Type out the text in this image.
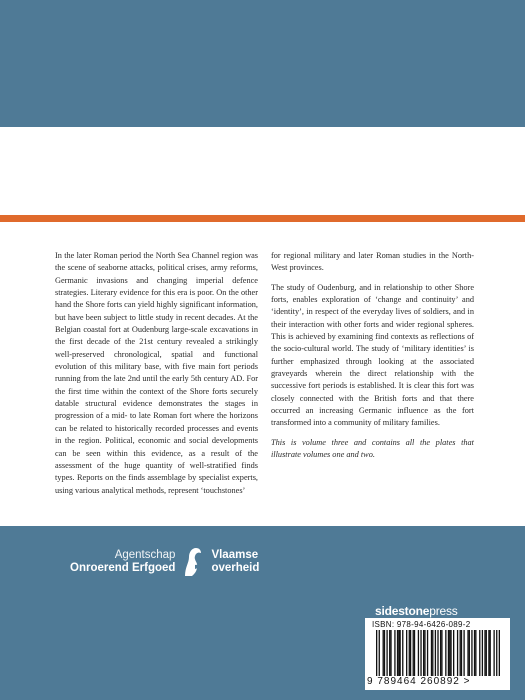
In the later Roman period the North Sea Channel region was the scene of seaborne attacks, political crises, army reforms, Germanic invasions and changing imperial defence strategies. Literary evidence for this era is poor. On the other hand the Shore forts can yield highly significant information, but have been subject to little study in recent decades. At the Belgian coastal fort at Oudenburg large-scale excavations in the first decade of the 21st century revealed a strikingly well-preserved chronological, spatial and functional evolution of this military base, with five main fort periods running from the late 2nd until the early 5th century AD. For the first time within the context of the Shore forts securely datable structural evidence demonstrates the stages in progression of a mid- to late Roman fort where the horizons can be related to historically recorded processes and events in the region. Political, economic and social developments can be seen within this evidence, as a result of the assessment of the huge quantity of well-stratified finds types. Reports on the finds assemblage by specialist experts, using various analytical methods, represent ‘touchstones’

for regional military and later Roman studies in the North-West provinces.

The study of Oudenburg, and in relationship to other Shore forts, enables exploration of ‘change and continuity’ and ‘identity’, in respect of the everyday lives of soldiers, and in their interaction with other forts and wider regional spheres. This is achieved by examining find contexts as reflections of the socio-cultural world. The study of ‘military identities’ is further emphasized through looking at the associated graveyards wherein the direct relationship with the successive fort periods is established. It is clear this fort was closely connected with the British forts and that there occurred an increasing Germanic influence as the fort transformed into a community of military families.

This is volume three and contains all the plates that illustrate volumes one and two.

Agentschap
Onroerend Erfgoed
Vlaamse
overheid
sidestonepress
ISBN: 978-94-6426-089-2
9 789464 260892 >
